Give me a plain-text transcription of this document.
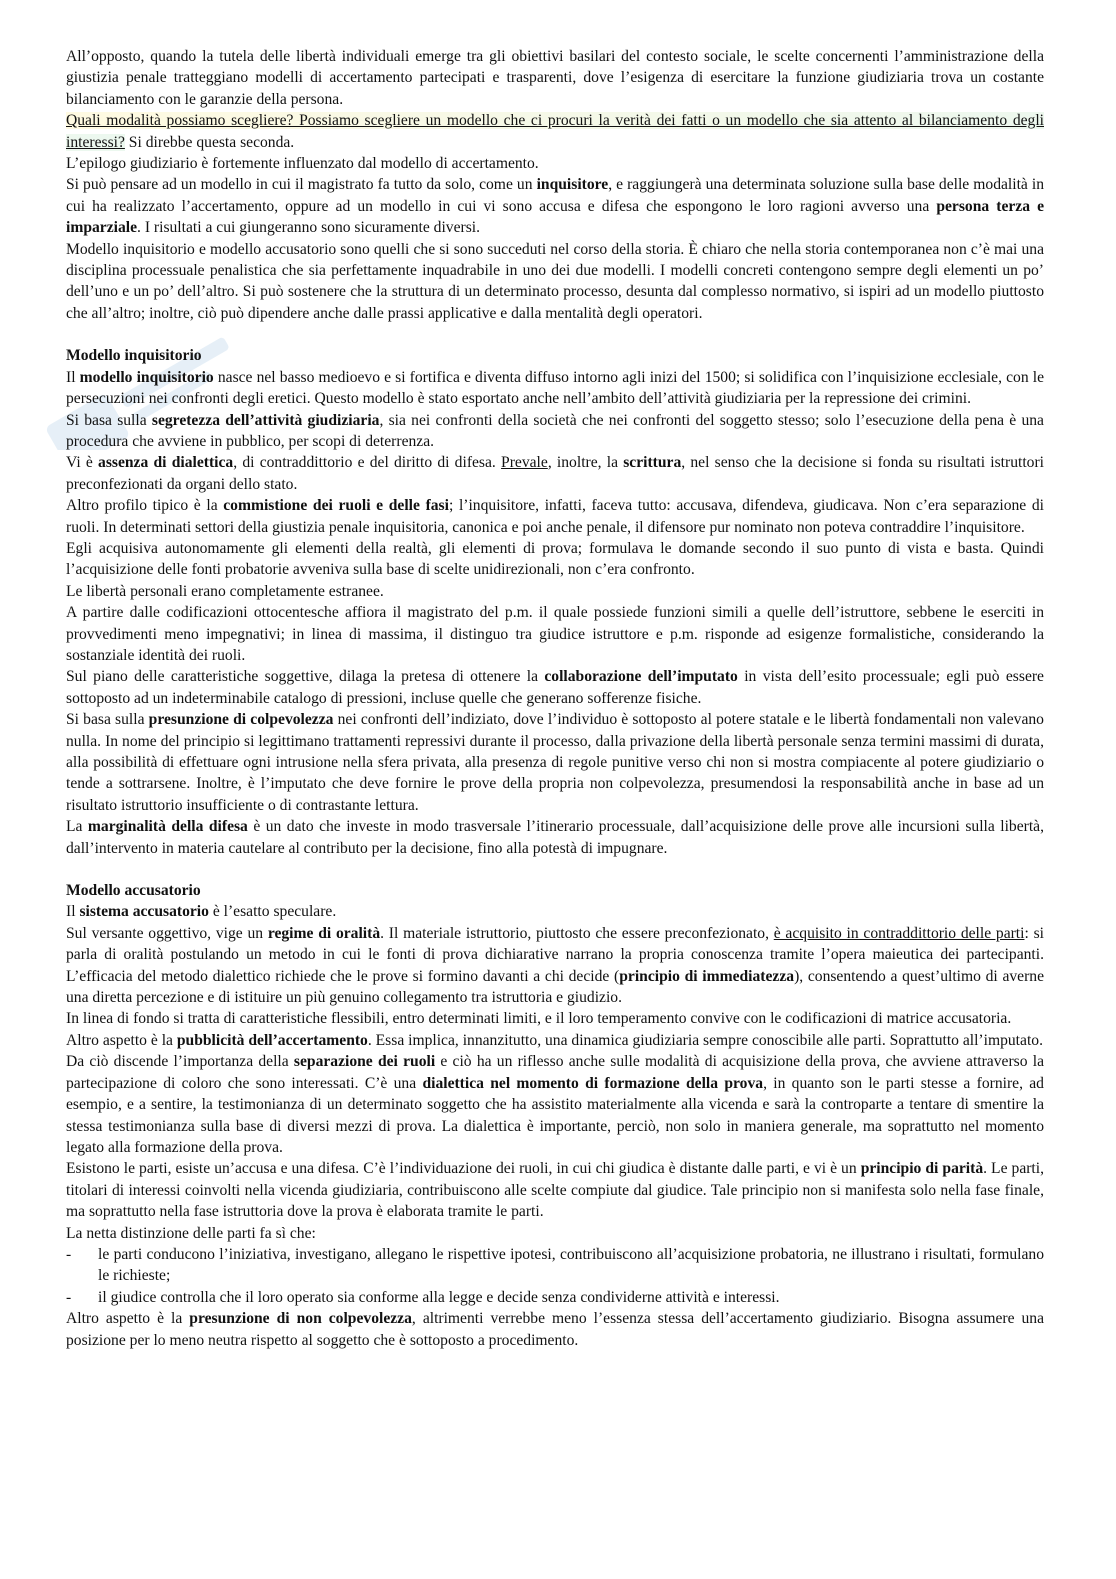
All’opposto, quando la tutela delle libertà individuali emerge tra gli obiettivi basilari del contesto sociale, le scelte concernenti l’amministrazione della giustizia penale tratteggiano modelli di accertamento partecipati e trasparenti, dove l’esigenza di esercitare la funzione giudiziaria trova un costante bilanciamento con le garanzie della persona.

Quali modalità possiamo scegliere? Possiamo scegliere un modello che ci procuri la verità dei fatti o un modello che sia attento al bilanciamento degli interessi? Si direbbe questa seconda.

L’epilogo giudiziario è fortemente influenzato dal modello di accertamento.

Si può pensare ad un modello in cui il magistrato fa tutto da solo, come un inquisitore, e raggiungerà una determinata soluzione sulla base delle modalità in cui ha realizzato l’accertamento, oppure ad un modello in cui vi sono accusa e difesa che espongono le loro ragioni avverso una persona terza e imparziale. I risultati a cui giungeranno sono sicuramente diversi.

Modello inquisitorio e modello accusatorio sono quelli che si sono succeduti nel corso della storia. È chiaro che nella storia contemporanea non c’è mai una disciplina processuale penalistica che sia perfettamente inquadrabile in uno dei due modelli. I modelli concreti contengono sempre degli elementi un po’ dell’uno e un po’ dell’altro. Si può sostenere che la struttura di un determinato processo, desunta dal complesso normativo, si ispiri ad un modello piuttosto che all’altro; inoltre, ciò può dipendere anche dalle prassi applicative e dalla mentalità degli operatori.

Modello inquisitorio

Il modello inquisitorio nasce nel basso medioevo e si fortifica e diventa diffuso intorno agli inizi del 1500; si solidifica con l’inquisizione ecclesiale, con le persecuzioni nei confronti degli eretici. Questo modello è stato esportato anche nell’ambito dell’attività giudiziaria per la repressione dei crimini.

Si basa sulla segretezza dell’attività giudiziaria, sia nei confronti della società che nei confronti del soggetto stesso; solo l’esecuzione della pena è una procedura che avviene in pubblico, per scopi di deterrenza.

Vi è assenza di dialettica, di contraddittorio e del diritto di difesa. Prevale, inoltre, la scrittura, nel senso che la decisione si fonda su risultati istruttori preconfezionati da organi dello stato.

Altro profilo tipico è la commistione dei ruoli e delle fasi; l’inquisitore, infatti, faceva tutto: accusava, difendeva, giudicava. Non c’era separazione di ruoli. In determinati settori della giustizia penale inquisitoria, canonica e poi anche penale, il difensore pur nominato non poteva contraddire l’inquisitore.

Egli acquisiva autonomamente gli elementi della realtà, gli elementi di prova; formulava le domande secondo il suo punto di vista e basta. Quindi l’acquisizione delle fonti probatorie avveniva sulla base di scelte unidirezionali, non c’era confronto.

Le libertà personali erano completamente estranee.

A partire dalle codificazioni ottocentesche affiora il magistrato del p.m. il quale possiede funzioni simili a quelle dell’istruttore, sebbene le eserciti in provvedimenti meno impegnativi; in linea di massima, il distinguo tra giudice istruttore e p.m. risponde ad esigenze formalistiche, considerando la sostanziale identità dei ruoli.

Sul piano delle caratteristiche soggettive, dilaga la pretesa di ottenere la collaborazione dell’imputato in vista dell’esito processuale; egli può essere sottoposto ad un indeterminabile catalogo di pressioni, incluse quelle che generano sofferenze fisiche.

Si basa sulla presunzione di colpevolezza nei confronti dell’indiziato, dove l’individuo è sottoposto al potere statale e le libertà fondamentali non valevano nulla. In nome del principio si legittimano trattamenti repressivi durante il processo, dalla privazione della libertà personale senza termini massimi di durata, alla possibilità di effettuare ogni intrusione nella sfera privata, alla presenza di regole punitive verso chi non si mostra compiacente al potere giudiziario o tende a sottrarsene. Inoltre, è l’imputato che deve fornire le prove della propria non colpevolezza, presumendosi la responsabilità anche in base ad un risultato istruttorio insufficiente o di contrastante lettura.

La marginalità della difesa è un dato che investe in modo trasversale l’itinerario processuale, dall’acquisizione delle prove alle incursioni sulla libertà, dall’intervento in materia cautelare al contributo per la decisione, fino alla potestà di impugnare.

Modello accusatorio

Il sistema accusatorio è l’esatto speculare.

Sul versante oggettivo, vige un regime di oralità. Il materiale istruttorio, piuttosto che essere preconfezionato, è acquisito in contraddittorio delle parti: si parla di oralità postulando un metodo in cui le fonti di prova dichiarative narrano la propria conoscenza tramite l’opera maieutica dei partecipanti. L’efficacia del metodo dialettico richiede che le prove si formino davanti a chi decide (principio di immediatezza), consentendo a quest’ultimo di averne una diretta percezione e di istituire un più genuino collegamento tra istruttoria e giudizio.

In linea di fondo si tratta di caratteristiche flessibili, entro determinati limiti, e il loro temperamento convive con le codificazioni di matrice accusatoria.

Altro aspetto è la pubblicità dell’accertamento. Essa implica, innanzitutto, una dinamica giudiziaria sempre conoscibile alle parti. Soprattutto all’imputato.

Da ciò discende l’importanza della separazione dei ruoli e ciò ha un riflesso anche sulle modalità di acquisizione della prova, che avviene attraverso la partecipazione di coloro che sono interessati. C’è una dialettica nel momento di formazione della prova, in quanto son le parti stesse a fornire, ad esempio, e a sentire, la testimonianza di un determinato soggetto che ha assistito materialmente alla vicenda e sarà la controparte a tentare di smentire la stessa testimonianza sulla base di diversi mezzi di prova. La dialettica è importante, perciò, non solo in maniera generale, ma soprattutto nel momento legato alla formazione della prova.

Esistono le parti, esiste un’accusa e una difesa. C’è l’individuazione dei ruoli, in cui chi giudica è distante dalle parti, e vi è un principio di parità. Le parti, titolari di interessi coinvolti nella vicenda giudiziaria, contribuiscono alle scelte compiute dal giudice. Tale principio non si manifesta solo nella fase finale, ma soprattutto nella fase istruttoria dove la prova è elaborata tramite le parti.

La netta distinzione delle parti fa sì che:

- le parti conducono l’iniziativa, investigano, allegano le rispettive ipotesi, contribuiscono all’acquisizione probatoria, ne illustrano i risultati, formulano le richieste;
- il giudice controlla che il loro operato sia conforme alla legge e decide senza condividerne attività e interessi.

Altro aspetto è la presunzione di non colpevolezza, altrimenti verrebbe meno l’essenza stessa dell’accertamento giudiziario. Bisogna assumere una posizione per lo meno neutra rispetto al soggetto che è sottoposto a procedimento.
